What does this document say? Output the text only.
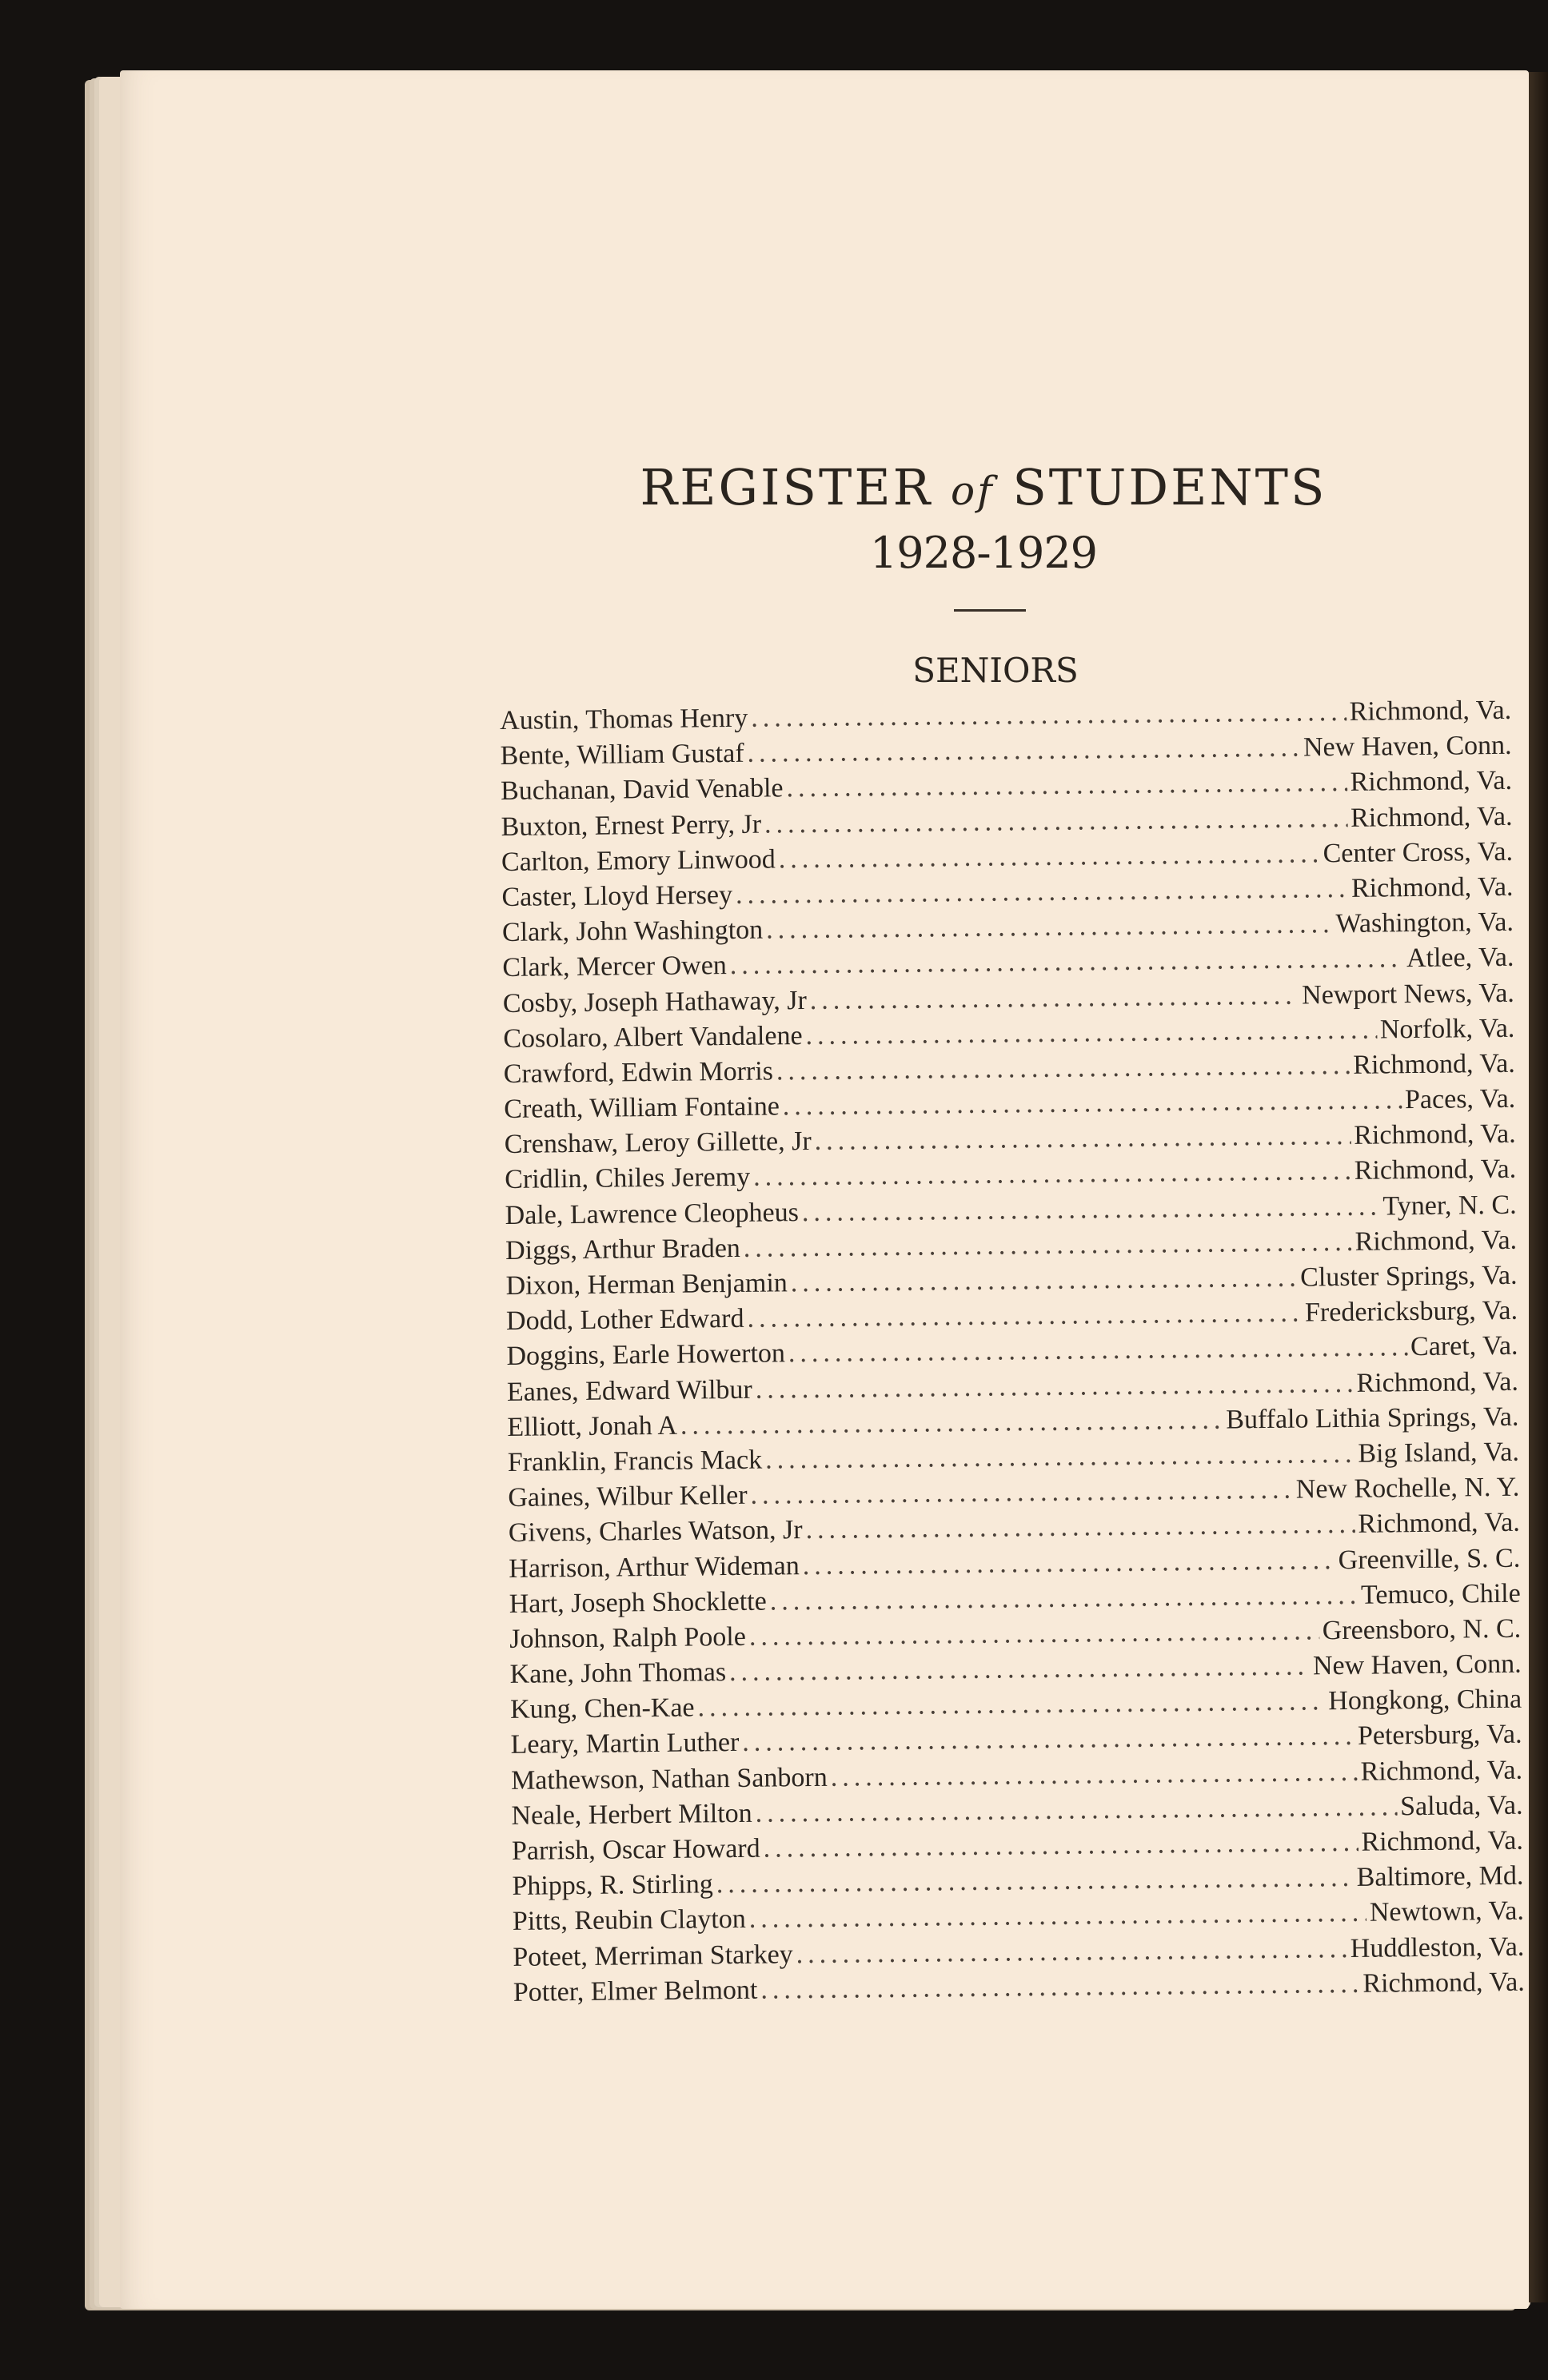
REGISTER of STUDENTS
1928-1929
SENIORS
Austin, Thomas Henry .....	Richmond, Va.
Bente, William Gustaf .....	New Haven, Conn.
Buchanan, David Venable .....	Richmond, Va.
Buxton, Ernest Perry, Jr .....	Richmond, Va.
Carlton, Emory Linwood .....	Center Cross, Va.
Caster, Lloyd Hersey .....	Richmond, Va.
Clark, John Washington .....	Washington, Va.
Clark, Mercer Owen .....	Atlee, Va.
Cosby, Joseph Hathaway, Jr .....	Newport News, Va.
Cosolaro, Albert Vandalene .....	Norfolk, Va.
Crawford, Edwin Morris .....	Richmond, Va.
Creath, William Fontaine .....	Paces, Va.
Crenshaw, Leroy Gillette, Jr .....	Richmond, Va.
Cridlin, Chiles Jeremy .....	Richmond, Va.
Dale, Lawrence Cleopheus .....	Tyner, N. C.
Diggs, Arthur Braden .....	Richmond, Va.
Dixon, Herman Benjamin .....	Cluster Springs, Va.
Dodd, Lother Edward .....	Fredericksburg, Va.
Doggins, Earle Howerton .....	Caret, Va.
Eanes, Edward Wilbur .....	Richmond, Va.
Elliott, Jonah A .....	Buffalo Lithia Springs, Va.
Franklin, Francis Mack .....	Big Island, Va.
Gaines, Wilbur Keller .....	New Rochelle, N. Y.
Givens, Charles Watson, Jr .....	Richmond, Va.
Harrison, Arthur Wideman .....	Greenville, S. C.
Hart, Joseph Shocklette .....	Temuco, Chile
Johnson, Ralph Poole .....	Greensboro, N. C.
Kane, John Thomas .....	New Haven, Conn.
Kung, Chen-Kae .....	Hongkong, China
Leary, Martin Luther .....	Petersburg, Va.
Mathewson, Nathan Sanborn .....	Richmond, Va.
Neale, Herbert Milton .....	Saluda, Va.
Parrish, Oscar Howard .....	Richmond, Va.
Phipps, R. Stirling .....	Baltimore, Md.
Pitts, Reubin Clayton .....	Newtown, Va.
Poteet, Merriman Starkey .....	Huddleston, Va.
Potter, Elmer Belmont .....	Richmond, Va.
